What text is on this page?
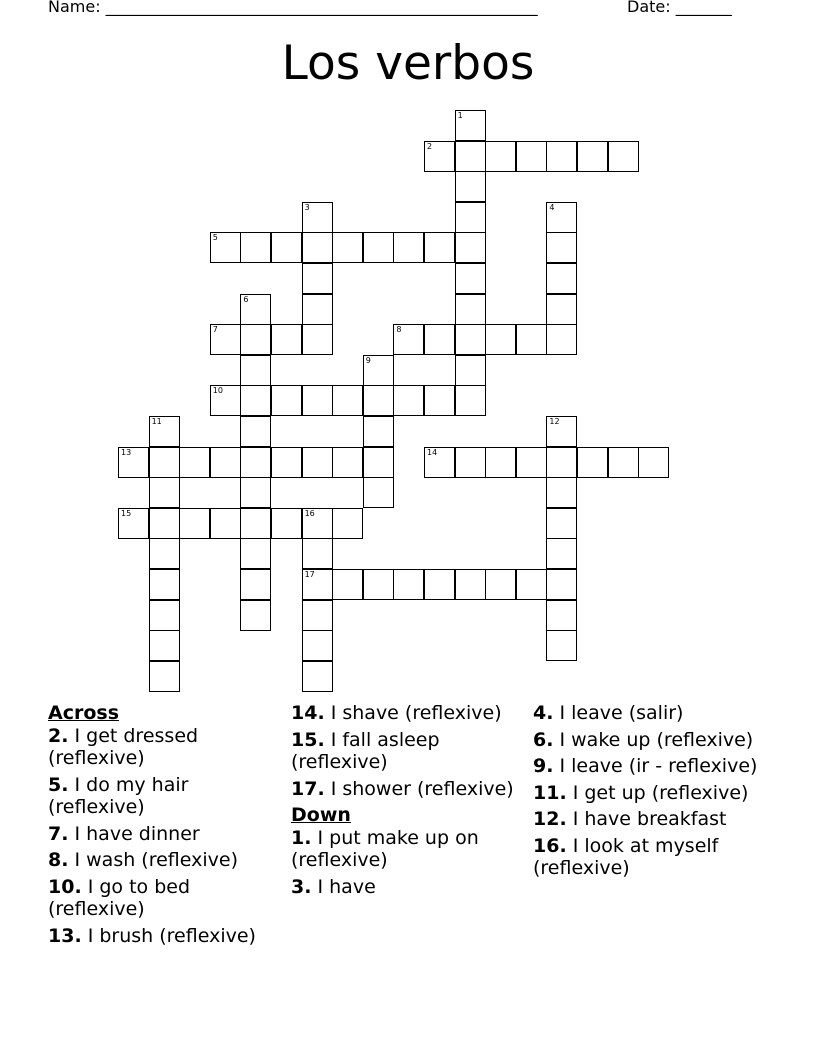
Name: ______________________________________________________	Date: _______
Los verbos
1
2
3	4
5
6
7	8
9
10
11	12
13	14
15	16
17
Across
2. I get dressed (reflexive)
5. I do my hair (reflexive)
7. I have dinner
8. I wash (reflexive)
10. I go to bed (reflexive)
13. I brush (reflexive)
14. I shave (reflexive)
15. I fall asleep (reflexive)
17. I shower (reflexive)
Down
1. I put make up on (reflexive)
3. I have
4. I leave (salir)
6. I wake up (reflexive)
9. I leave (ir - reflexive)
11. I get up (reflexive)
12. I have breakfast
16. I look at myself (reflexive)
